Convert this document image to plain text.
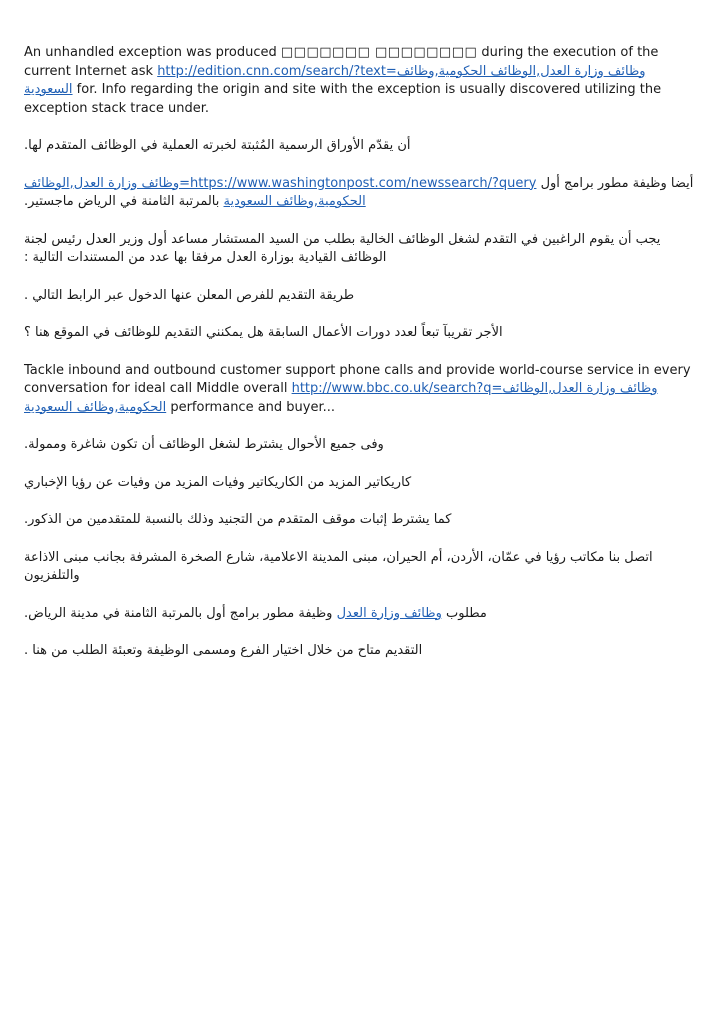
An unhandled exception was produced □□□□□□□ □□□□□□□□ during the execution of the current Internet ask http://edition.cnn.com/search/?text=وظائف وزارة العدل,الوظائف الحكومية,وظائف السعودية for. Info regarding the origin and site with the exception is usually discovered utilizing the exception stack trace under.

أن يقدّم الأوراق الرسمية المُثبتة لخبرته العملية في الوظائف المتقدم لها.

أيضا وظيفة مطور برامج أول https://www.washingtonpost.com/newssearch/?query=وظائف وزارة العدل,الوظائف الحكومية,وظائف السعودية بالمرتبة الثامنة في الرياض ماجستير.

يجب أن يقوم الراغبين في التقدم لشغل الوظائف الخالية بطلب من السيد المستشار مساعد أول وزير العدل رئيس لجنة الوظائف القيادية بوزارة العدل مرفقا بها عدد من المستندات التالية :

طريقة التقديم للفرص المعلن عنها الدخول عبر الرابط التالي .

الأجر تقريبآ تبعاً لعدد دورات الأعمال السابقة هل يمكنني التقديم للوظائف في الموقع هنا ؟

Tackle inbound and outbound customer support phone calls and provide world-course service in every conversation for ideal call Middle overall http://www.bbc.co.uk/search?q=وظائف وزارة العدل,الوظائف الحكومية,وظائف السعودية performance and buyer...

وفى جميع الأحوال يشترط لشغل الوظائف أن تكون شاغرة وممولة.

كاريكاتير المزيد من الكاريكاتير وفيات المزيد من وفيات عن رؤيا الإخباري

كما يشترط إثبات موقف المتقدم من التجنيد وذلك بالنسبة للمتقدمين من الذكور.

اتصل بنا مكاتب رؤيا في عمّان، الأردن، أم الحيران، مبنى المدينة الاعلامية، شارع الصخرة المشرفة بجانب مبنى الاذاعة والتلفزيون

مطلوب وظائف وزارة العدل وظيفة مطور برامج أول بالمرتبة الثامنة في مدينة الرياض.

التقديم متاح من خلال اختيار الفرع ومسمى الوظيفة وتعبئة الطلب من هنا .
